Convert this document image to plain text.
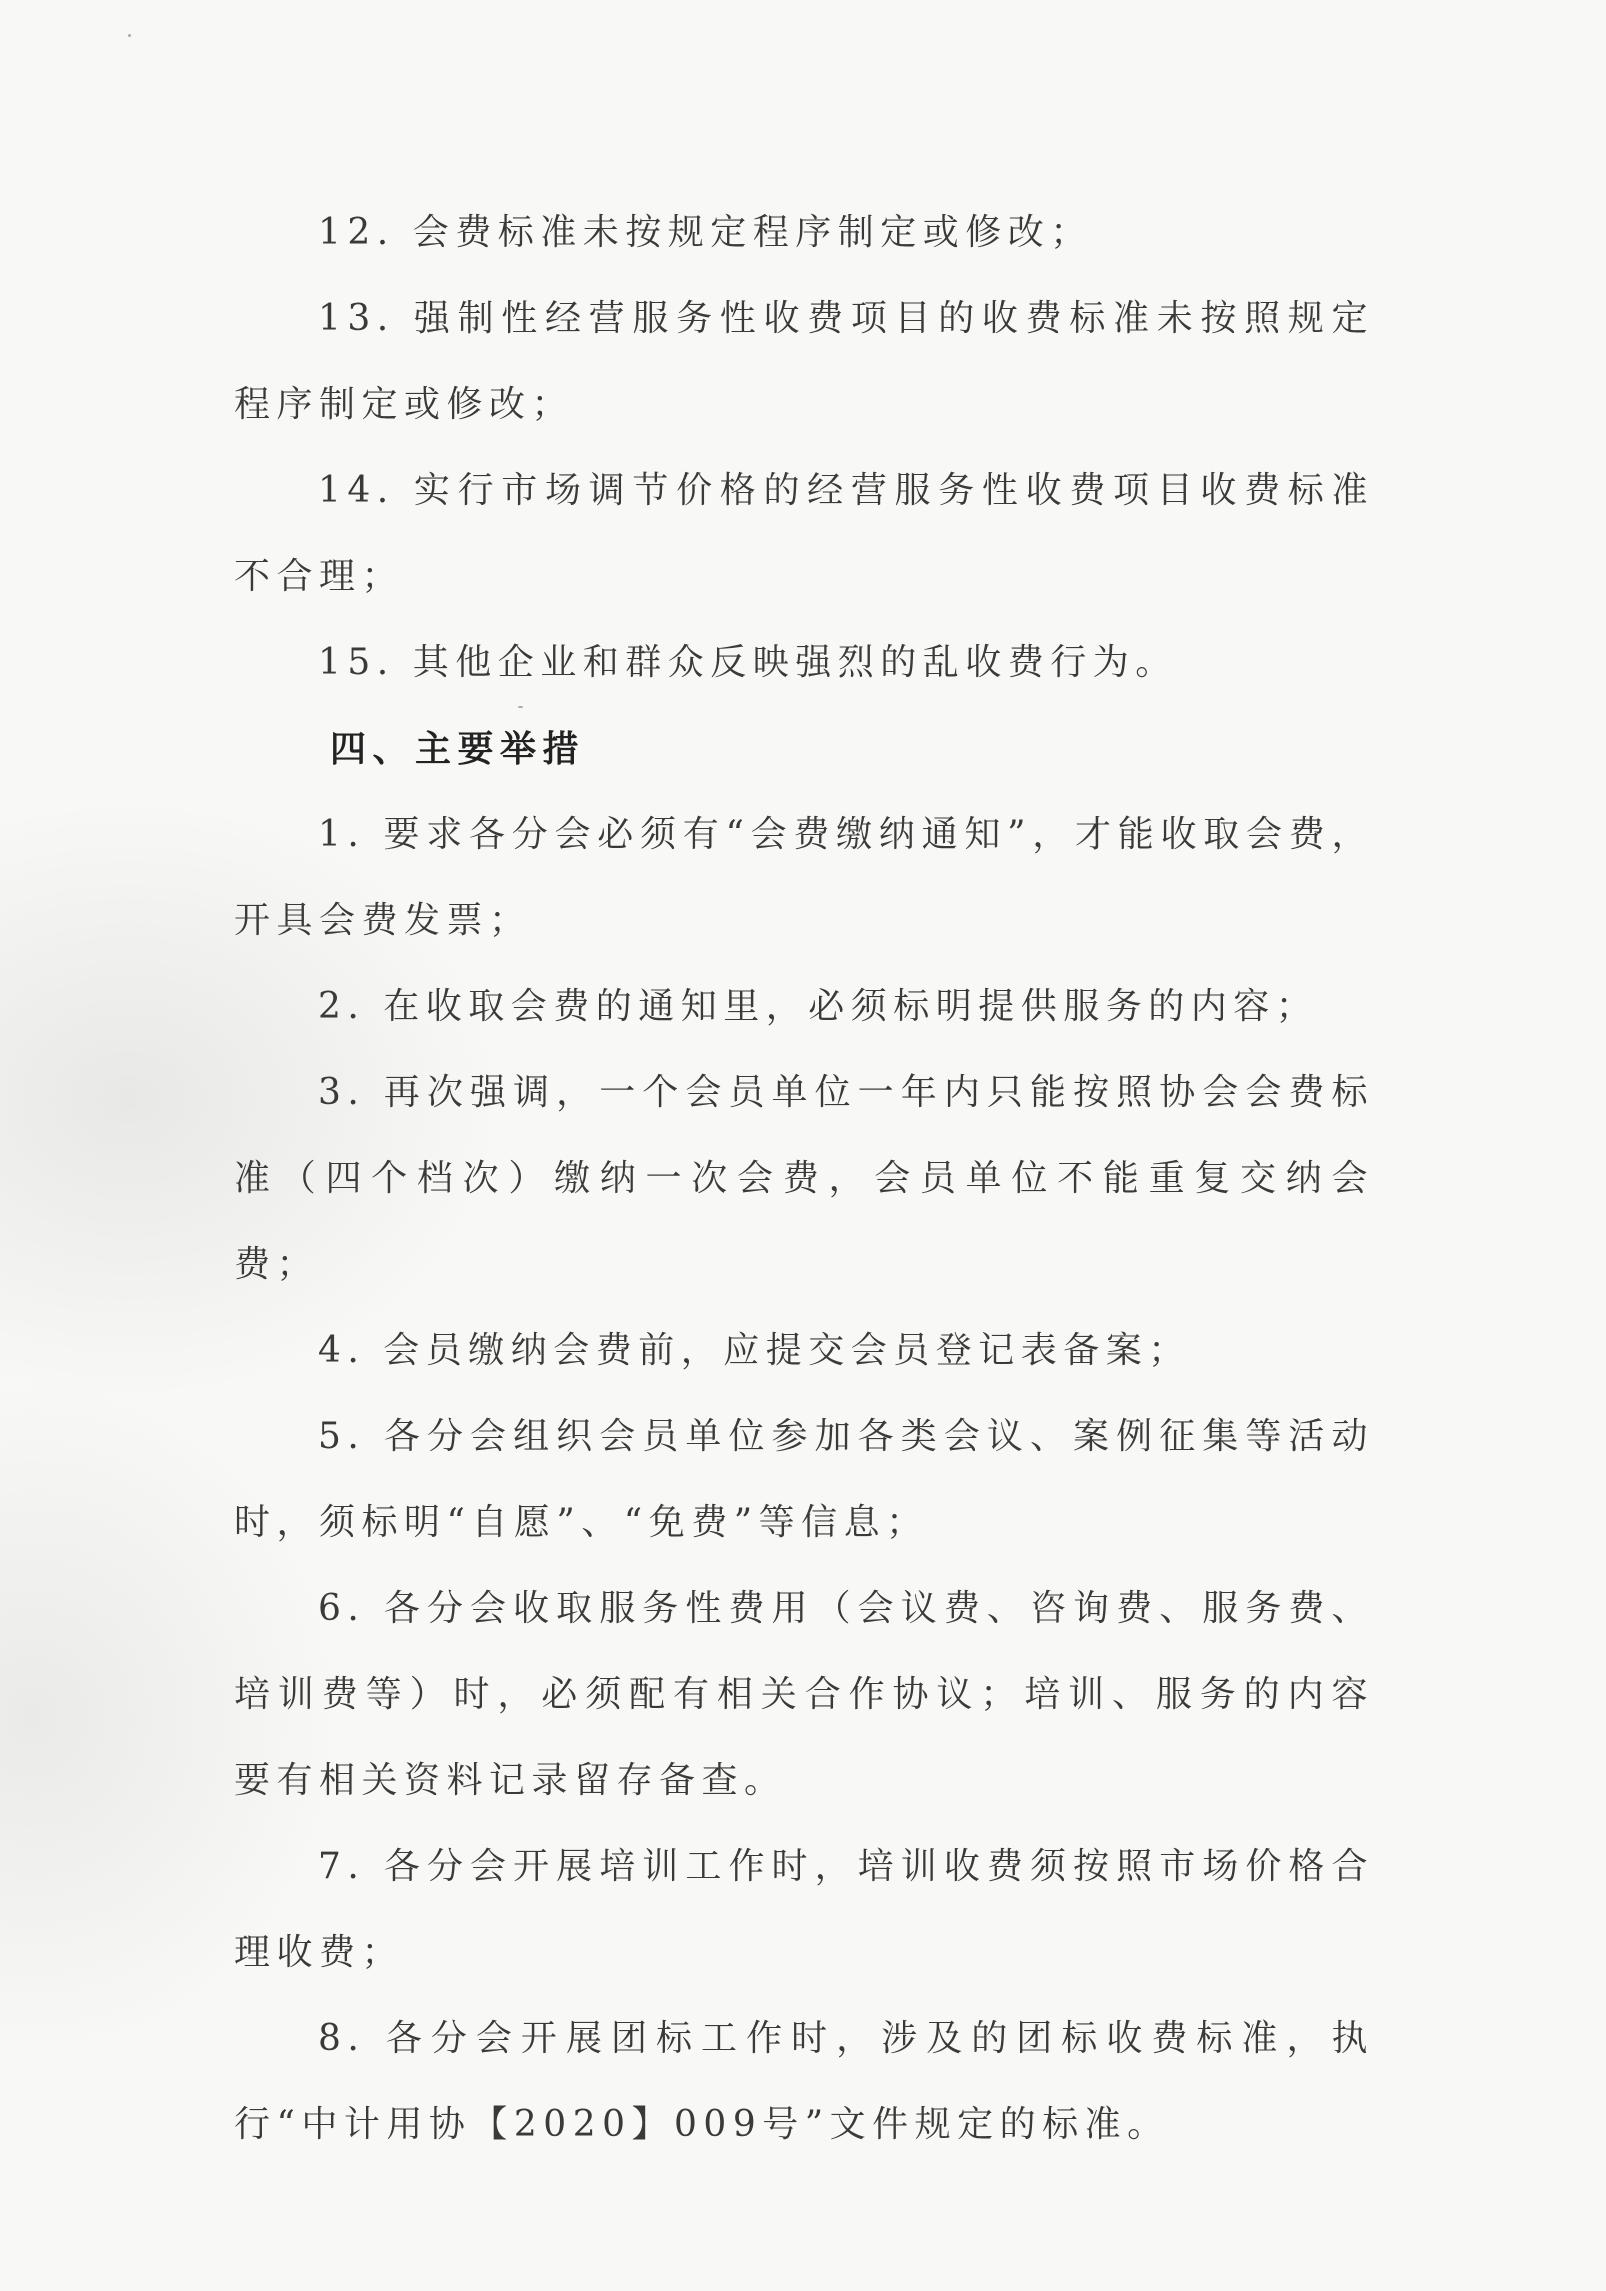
12. 会费标准未按规定程序制定或修改；

13. 强制性经营服务性收费项目的收费标准未按照规定程序制定或修改；

14. 实行市场调节价格的经营服务性收费项目收费标准不合理；

15. 其他企业和群众反映强烈的乱收费行为。

四、主要举措

1. 要求各分会必须有“会费缴纳通知”，才能收取会费，开具会费发票；

2. 在收取会费的通知里，必须标明提供服务的内容；

3. 再次强调，一个会员单位一年内只能按照协会会费标准（四个档次）缴纳一次会费，会员单位不能重复交纳会费；

4. 会员缴纳会费前，应提交会员登记表备案；

5. 各分会组织会员单位参加各类会议、案例征集等活动时，须标明“自愿”、“免费”等信息；

6. 各分会收取服务性费用（会议费、咨询费、服务费、培训费等）时，必须配有相关合作协议；培训、服务的内容要有相关资料记录留存备查。

7. 各分会开展培训工作时，培训收费须按照市场价格合理收费；

8. 各分会开展团标工作时，涉及的团标收费标准，执行“中计用协【2020】009号”文件规定的标准。
